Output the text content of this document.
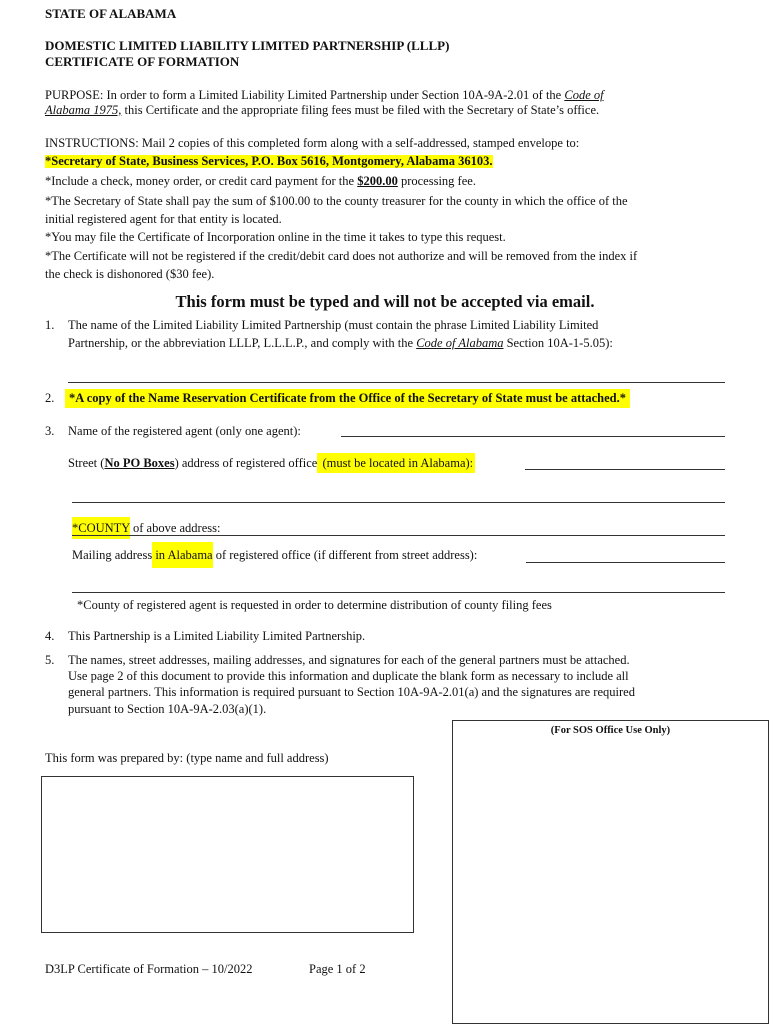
STATE OF ALABAMA
DOMESTIC LIMITED LIABILITY LIMITED PARTNERSHIP (LLLP)
CERTIFICATE OF FORMATION
PURPOSE: In order to form a Limited Liability Limited Partnership under Section 10A-9A-2.01 of the Code of
Alabama 1975, this Certificate and the appropriate filing fees must be filed with the Secretary of State’s office.
INSTRUCTIONS: Mail 2 copies of this completed form along with a self-addressed, stamped envelope to:
*Secretary of State, Business Services, P.O. Box 5616, Montgomery, Alabama 36103.
*Include a check, money order, or credit card payment for the $200.00 processing fee.
*The Secretary of State shall pay the sum of $100.00 to the county treasurer for the county in which the office of the
initial registered agent for that entity is located.
*You may file the Certificate of Incorporation online in the time it takes to type this request.
*The Certificate will not be registered if the credit/debit card does not authorize and will be removed from the index if
the check is dishonored ($30 fee).
This form must be typed and will not be accepted via email.
1. The name of the Limited Liability Limited Partnership (must contain the phrase Limited Liability Limited
Partnership, or the abbreviation LLLP, L.L.L.P., and comply with the Code of Alabama Section 10A-1-5.05):
2.	*A copy of the Name Reservation Certificate from the Office of the Secretary of State must be attached.*
3. Name of the registered agent (only one agent):
Street (No PO Boxes) address of registered office (must be located in Alabama):
*COUNTY of above address:
Mailing address in Alabama of registered office (if different from street address):
*County of registered agent is requested in order to determine distribution of county filing fees
4. This Partnership is a Limited Liability Limited Partnership.
5. The names, street addresses, mailing addresses, and signatures for each of the general partners must be attached.
Use page 2 of this document to provide this information and duplicate the blank form as necessary to include all
general partners. This information is required pursuant to Section 10A-9A-2.01(a) and the signatures are required
pursuant to Section 10A-9A-2.03(a)(1).
This form was prepared by: (type name and full address)
(For SOS Office Use Only)
D3LP Certificate of Formation – 10/2022	Page 1 of 2
